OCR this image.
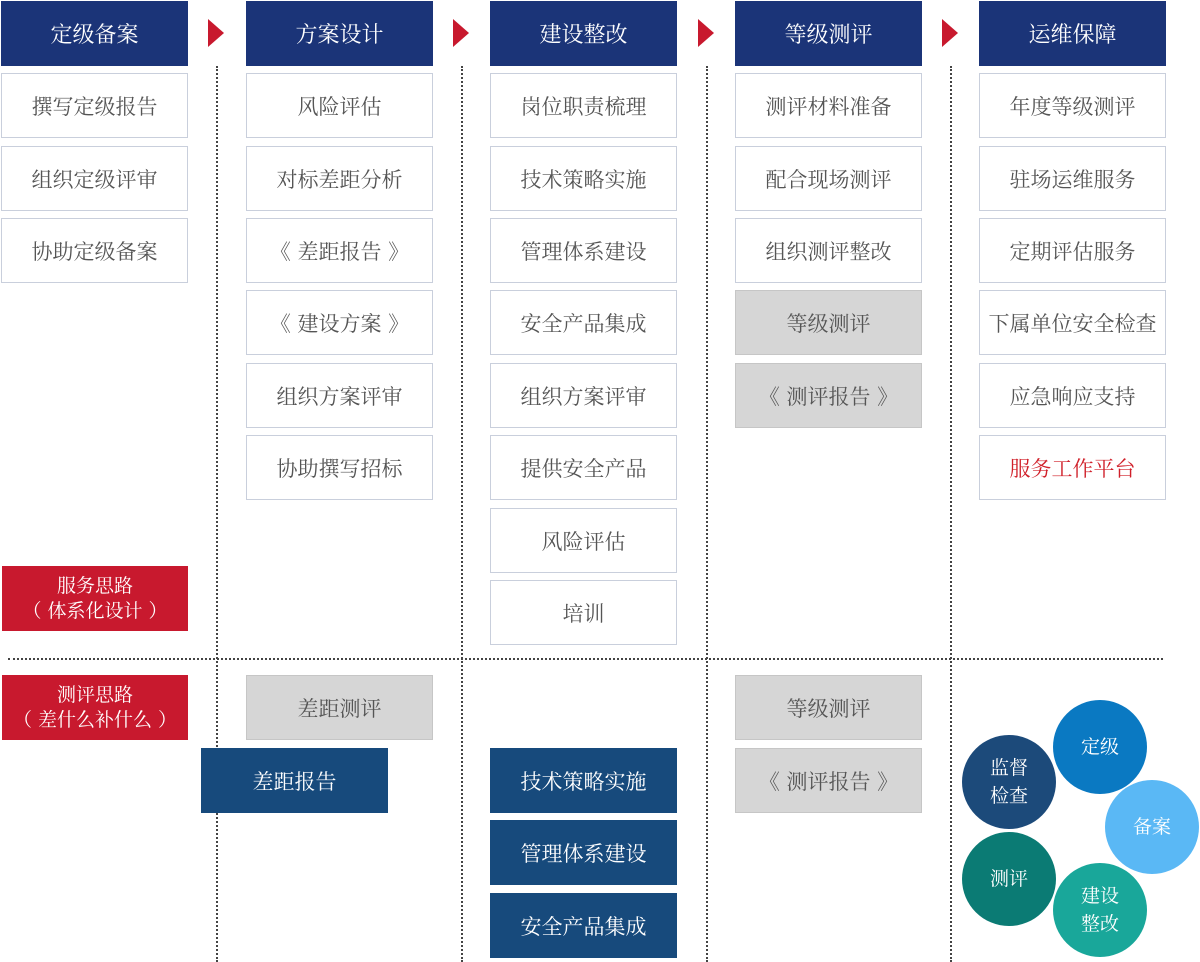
定级备案	方案设计	建设整改	等级测评	运维保障
撰写定级报告
组织定级评审
协助定级备案
风险评估
对标差距分析
《 差距报告 》
《 建设方案 》
组织方案评审
协助撰写招标
岗位职责梳理
技术策略实施
管理体系建设
安全产品集成
组织方案评审
提供安全产品
风险评估
培训
测评材料准备
配合现场测评
组织测评整改
等级测评
《 测评报告 》
年度等级测评
驻场运维服务
定期评估服务
下属单位安全检查
应急响应支持
服务工作平台
服务思路
（ 体系化设计 ）
测评思路
（ 差什么补什么 ）	差距测评
差距报告	技术策略实施
管理体系建设
安全产品集成
等级测评
《 测评报告 》
监督
检查
定级
备案
测评
建设
整改
